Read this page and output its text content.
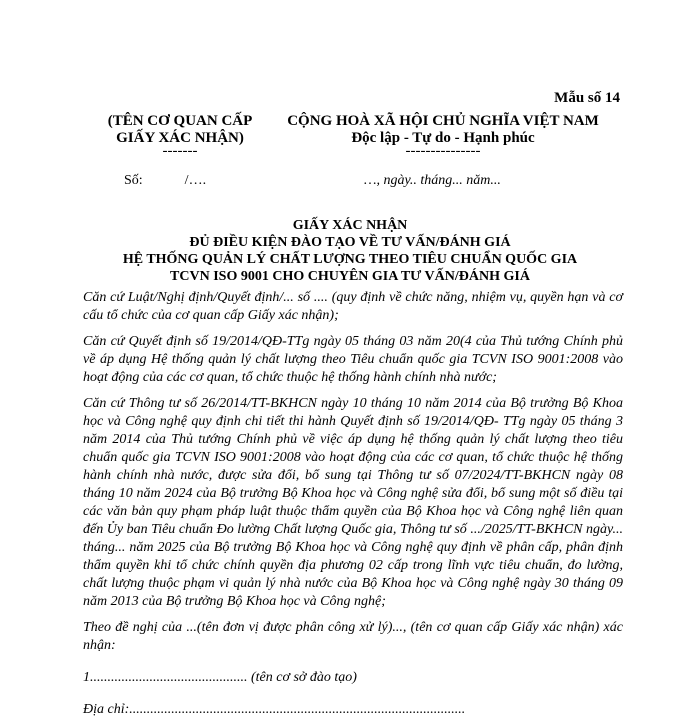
Mẫu số 14
(TÊN CƠ QUAN CẤP
GIẤY XÁC NHẬN)
-------
CỘNG HOÀ XÃ HỘI CHỦ NGHĨA VIỆT NAM
Độc lập - Tự do - Hạnh phúc
---------------
Số:            /….	…, ngày.. tháng... năm...
GIẤY XÁC NHẬN
ĐỦ ĐIỀU KIỆN ĐÀO TẠO VỀ TƯ VẤN/ĐÁNH GIÁ
HỆ THỐNG QUẢN LÝ CHẤT LƯỢNG THEO TIÊU CHUẨN QUỐC GIA
TCVN ISO 9001 CHO CHUYÊN GIA TƯ VẤN/ĐÁNH GIÁ

Căn cứ Luật/Nghị định/Quyết định/... số .... (quy định về chức năng, nhiệm vụ, quyền hạn và cơ cấu tổ chức của cơ quan cấp Giấy xác nhận);

Căn cứ Quyết định số 19/2014/QĐ-TTg ngày 05 tháng 03 năm 20(4 của Thủ tướng Chính phủ về áp dụng Hệ thống quản lý chất lượng theo Tiêu chuẩn quốc gia TCVN ISO 9001:2008 vào hoạt động của các cơ quan, tổ chức thuộc hệ thống hành chính nhà nước;

Căn cứ Thông tư số 26/2014/TT-BKHCN ngày 10 tháng 10 năm 2014 của Bộ trưởng Bộ Khoa học và Công nghệ quy định chi tiết thi hành Quyết định số 19/2014/QĐ- TTg ngày 05 tháng 3 năm 2014 của Thủ tướng Chính phủ về việc áp dụng hệ thống quản lý chất lượng theo tiêu chuẩn quốc gia TCVN ISO 9001:2008 vào hoạt động của các cơ quan, tổ chức thuộc hệ thống hành chính nhà nước, được sửa đổi, bổ sung tại Thông tư số 07/2024/TT-BKHCN ngày 08 tháng 10 năm 2024 của Bộ trưởng Bộ Khoa học và Công nghệ sửa đổi, bổ sung một số điều tại các văn bản quy phạm pháp luật thuộc thẩm quyền của Bộ Khoa học và Công nghệ liên quan đến Ủy ban Tiêu chuẩn Đo lường Chất lượng Quốc gia, Thông tư số .../2025/TT-BKHCN ngày... tháng... năm 2025 của Bộ trưởng Bộ Khoa học và Công nghệ quy định về phân cấp, phân định thẩm quyền khi tổ chức chính quyền địa phương 02 cấp trong lĩnh vực tiêu chuẩn, đo lường, chất lượng thuộc phạm vi quản lý nhà nước của Bộ Khoa học và Công nghệ ngày 30 tháng 09 năm 2013 của Bộ trưởng Bộ Khoa học và Công nghệ;

Theo đề nghị của ...(tên đơn vị được phân công xử lý)..., (tên cơ quan cấp Giấy xác nhận) xác nhận:

1............................................. (tên cơ sở đào tạo)
Địa chỉ:................................................................................................
